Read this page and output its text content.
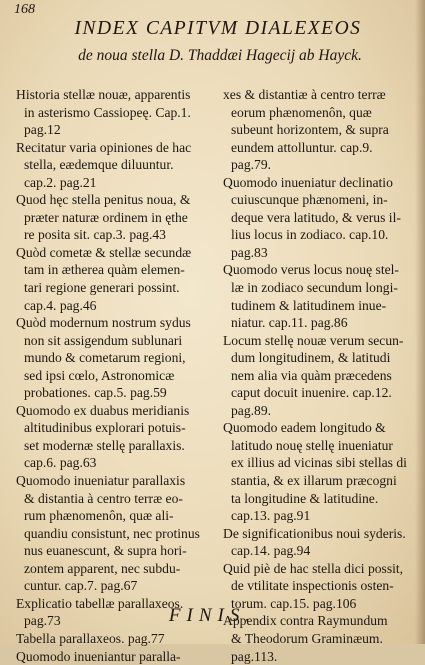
168
INDEX CAPITVM DIALEXEOS
de noua stella D. Thaddæi Hagecij ab Hayck.
Historia stellæ nouæ, apparentis
in asterismo Cassiopeę. Cap.1.
pag.12
Recitatur varia opiniones de hac
stella, eædemque diluuntur.
cap.2. pag.21
Quod hęc stella penitus noua, &
præter naturæ ordinem in ęthe
re posita sit. cap.3. pag.43
Quòd cometæ & stellæ secundæ
tam in ætherea quàm elemen-
tari regione generari possint.
cap.4. pag.46
Quòd modernum nostrum sydus
non sit assigendum sublunari
mundo & cometarum regioni,
sed ipsi cœlo, Astronomicæ
probationes. cap.5. pag.59
Quomodo ex duabus meridianis
altitudinibus explorari potuis-
set modernæ stellę parallaxis.
cap.6. pag.63
Quomodo inueniatur parallaxis
& distantia à centro terræ eo-
rum phænomenôn, quæ ali-
quandiu consistunt, nec protinus
nus euanescunt, & supra hori-
zontem apparent, nec subdu-
cuntur. cap.7. pag.67
Explicatio tabellæ parallaxeos.
pag.73
Tabella parallaxeos. pag.77
Quomodo inueniantur paralla-
xes & distantiæ à centro terræ
eorum phænomenôn, quæ
subeunt horizontem, & supra
eundem attolluntur. cap.9.
pag.79.
Quomodo inueniatur declinatio
cuiuscunque phænomeni, in-
deque vera latitudo, & verus il-
lius locus in zodiaco. cap.10.
pag.83
Quomodo verus locus nouę stel-
læ in zodiaco secundum longi-
tudinem & latitudinem inue-
niatur. cap.11. pag.86
Locum stellę nouæ verum secun-
dum longitudinem, & latitudi
nem alia via quàm præcedens
caput docuit inuenire. cap.12.
pag.89.
Quomodo eadem longitudo &
latitudo nouę stellę inueniatur
ex illius ad vicinas sibi stellas di
stantia, & ex illarum præcogni
ta longitudine & latitudine.
cap.13. pag.91
De significationibus noui syderis.
cap.14. pag.94
Quid piè de hac stella dici possit,
de vtilitate inspectionis osten-
torum. cap.15. pag.106
Appendix contra Raymundum
& Theodorum Graminæum.
pag.113.
FINIS.
